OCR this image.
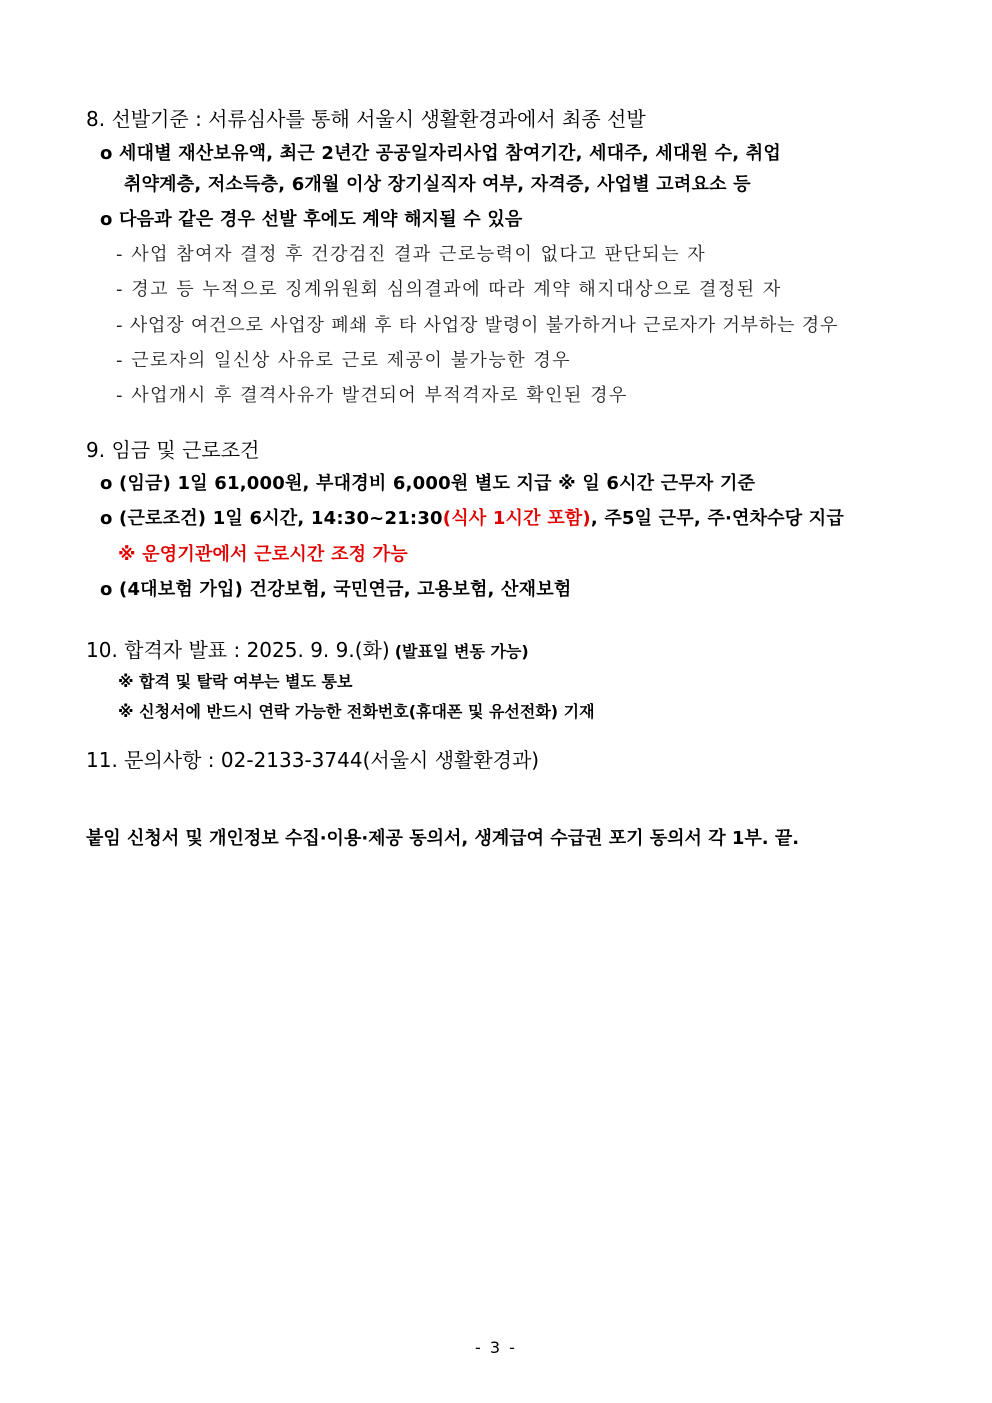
8. 선발기준 : 서류심사를 통해 서울시 생활환경과에서 최종 선발
o 세대별 재산보유액, 최근 2년간 공공일자리사업 참여기간, 세대주, 세대원 수, 취업
취약계층, 저소득층, 6개월 이상 장기실직자 여부, 자격증, 사업별 고려요소 등
o 다음과 같은 경우 선발 후에도 계약 해지될 수 있음
- 사업 참여자 결정 후 건강검진 결과 근로능력이 없다고 판단되는 자
- 경고 등 누적으로 징계위원회 심의결과에 따라 계약 해지대상으로 결정된 자
- 사업장 여건으로 사업장 폐쇄 후 타 사업장 발령이 불가하거나 근로자가 거부하는 경우
- 근로자의 일신상 사유로 근로 제공이 불가능한 경우
- 사업개시 후 결격사유가 발견되어 부적격자로 확인된 경우
9. 임금 및 근로조건
o (임금) 1일 61,000원, 부대경비 6,000원 별도 지급 ※ 일 6시간 근무자 기준
o (근로조건) 1일 6시간, 14:30~21:30(식사 1시간 포함), 주5일 근무, 주·연차수당 지급
※ 운영기관에서 근로시간 조정 가능
o (4대보험 가입) 건강보험, 국민연금, 고용보험, 산재보험
10. 합격자 발표 : 2025. 9. 9.(화) (발표일 변동 가능)
※ 합격 및 탈락 여부는 별도 통보
※ 신청서에 반드시 연락 가능한 전화번호(휴대폰 및 유선전화) 기재
11. 문의사항 : 02-2133-3744(서울시 생활환경과)
붙임 신청서 및 개인정보 수집·이용·제공 동의서, 생계급여 수급권 포기 동의서 각 1부. 끝.
- 3 -
